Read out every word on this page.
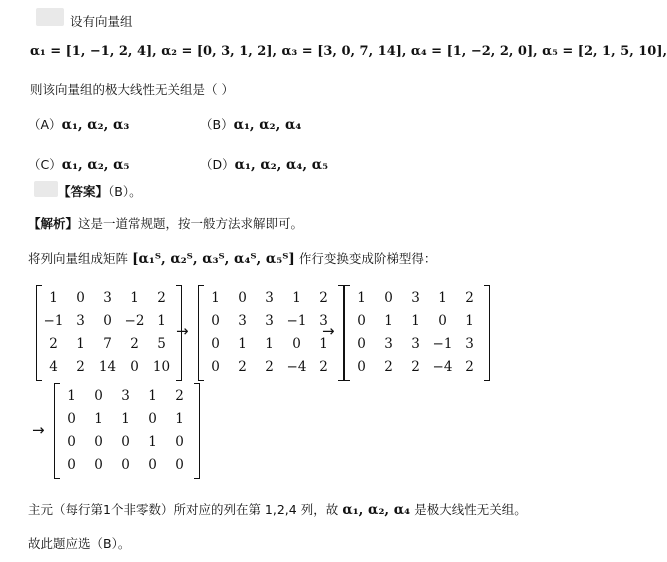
设有向量组
α₁ = [1, −1, 2, 4], α₂ = [0, 3, 1, 2], α₃ = [3, 0, 7, 14], α₄ = [1, −2, 2, 0], α₅ = [2, 1, 5, 10],
则该向量组的极大线性无关组是（ ）
（A）α₁, α₂, α₃	（B）α₁, α₂, α₄
（C）α₁, α₂, α₅	（D）α₁, α₂, α₄, α₅
【答案】（B）。
【解析】这是一道常规题，按一般方法求解即可。
将列向量组成矩阵 [α₁ᵀ, α₂ᵀ, α₃ᵀ, α₄ᵀ, α₅ᵀ] 作行变换变成阶梯型得：
1	0	3	1	2
−1	3	0	−2	1
2	1	7	2	5
4	2	14	0	10
→
1	0	3	1	2
0	3	3	−1	3
0	1	1	0	1
0	2	2	−4	2
→
1	0	3	1	2
0	1	1	0	1
0	3	3	−1	3
0	2	2	−4	2
→
1	0	3	1	2
0	1	1	0	1
0	0	0	1	0
0	0	0	0	0
主元（每行第1个非零数）所对应的列在第 1,2,4 列，故 α₁, α₂, α₄ 是极大线性无关组。
故此题应选（B）。
